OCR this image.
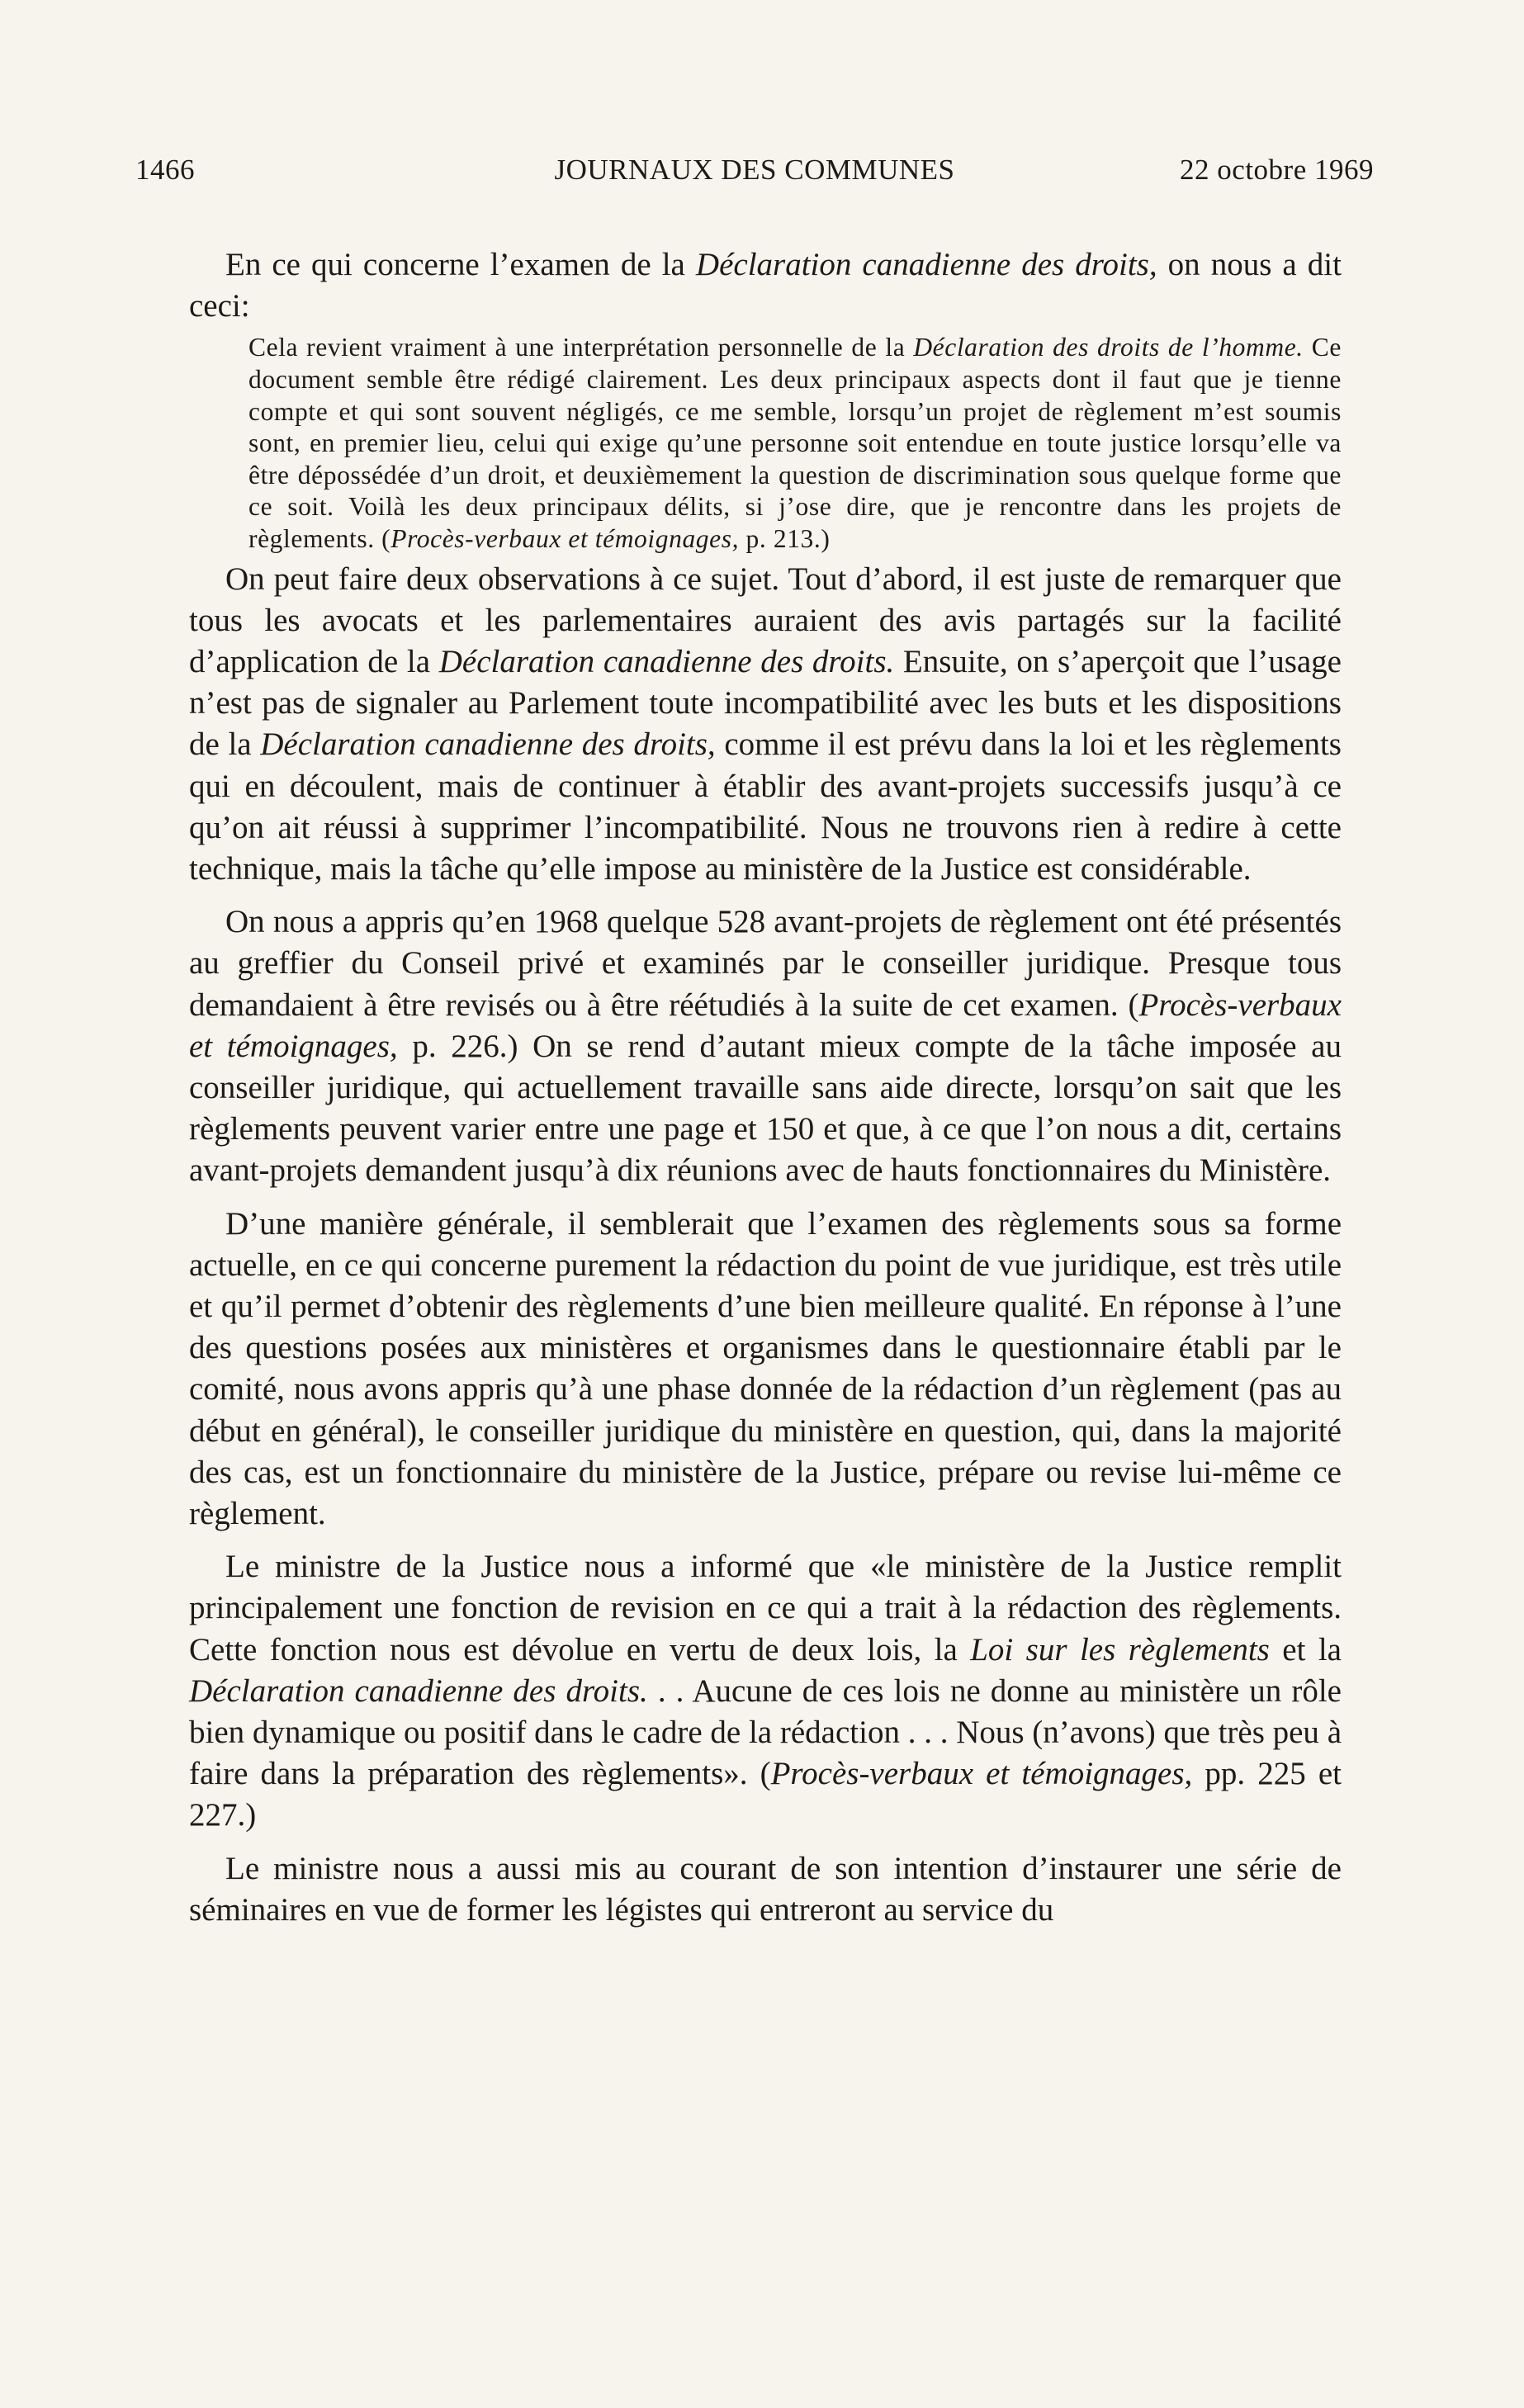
1466	JOURNAUX DES COMMUNES	22 octobre 1969

En ce qui concerne l’examen de la Déclaration canadienne des droits, on nous a dit ceci:

Cela revient vraiment à une interprétation personnelle de la Déclaration des droits de l’homme. Ce document semble être rédigé clairement. Les deux principaux aspects dont il faut que je tienne compte et qui sont souvent négligés, ce me semble, lorsqu’un projet de règlement m’est soumis sont, en premier lieu, celui qui exige qu’une personne soit entendue en toute justice lorsqu’elle va être dépossédée d’un droit, et deuxièmement la question de discrimination sous quelque forme que ce soit. Voilà les deux principaux délits, si j’ose dire, que je rencontre dans les projets de règlements. (Procès-verbaux et témoignages, p. 213.)

On peut faire deux observations à ce sujet. Tout d’abord, il est juste de remarquer que tous les avocats et les parlementaires auraient des avis partagés sur la facilité d’application de la Déclaration canadienne des droits. Ensuite, on s’aperçoit que l’usage n’est pas de signaler au Parlement toute incompatibilité avec les buts et les dispositions de la Déclaration canadienne des droits, comme il est prévu dans la loi et les règlements qui en découlent, mais de continuer à établir des avant-projets successifs jusqu’à ce qu’on ait réussi à supprimer l’incompatibilité. Nous ne trouvons rien à redire à cette technique, mais la tâche qu’elle impose au ministère de la Justice est considérable.

On nous a appris qu’en 1968 quelque 528 avant-projets de règlement ont été présentés au greffier du Conseil privé et examinés par le conseiller juridique. Presque tous demandaient à être revisés ou à être réétudiés à la suite de cet examen. (Procès-verbaux et témoignages, p. 226.) On se rend d’autant mieux compte de la tâche imposée au conseiller juridique, qui actuellement travaille sans aide directe, lorsqu’on sait que les règlements peuvent varier entre une page et 150 et que, à ce que l’on nous a dit, certains avant-projets demandent jusqu’à dix réunions avec de hauts fonctionnaires du Ministère.

D’une manière générale, il semblerait que l’examen des règlements sous sa forme actuelle, en ce qui concerne purement la rédaction du point de vue juridique, est très utile et qu’il permet d’obtenir des règlements d’une bien meilleure qualité. En réponse à l’une des questions posées aux ministères et organismes dans le questionnaire établi par le comité, nous avons appris qu’à une phase donnée de la rédaction d’un règlement (pas au début en général), le conseiller juridique du ministère en question, qui, dans la majorité des cas, est un fonctionnaire du ministère de la Justice, prépare ou revise lui-même ce règlement.

Le ministre de la Justice nous a informé que «le ministère de la Justice remplit principalement une fonction de revision en ce qui a trait à la rédaction des règlements. Cette fonction nous est dévolue en vertu de deux lois, la Loi sur les règlements et la Déclaration canadienne des droits. . . Aucune de ces lois ne donne au ministère un rôle bien dynamique ou positif dans le cadre de la rédaction . . . Nous (n’avons) que très peu à faire dans la préparation des règlements». (Procès-verbaux et témoignages, pp. 225 et 227.)

Le ministre nous a aussi mis au courant de son intention d’instaurer une série de séminaires en vue de former les légistes qui entreront au service du
